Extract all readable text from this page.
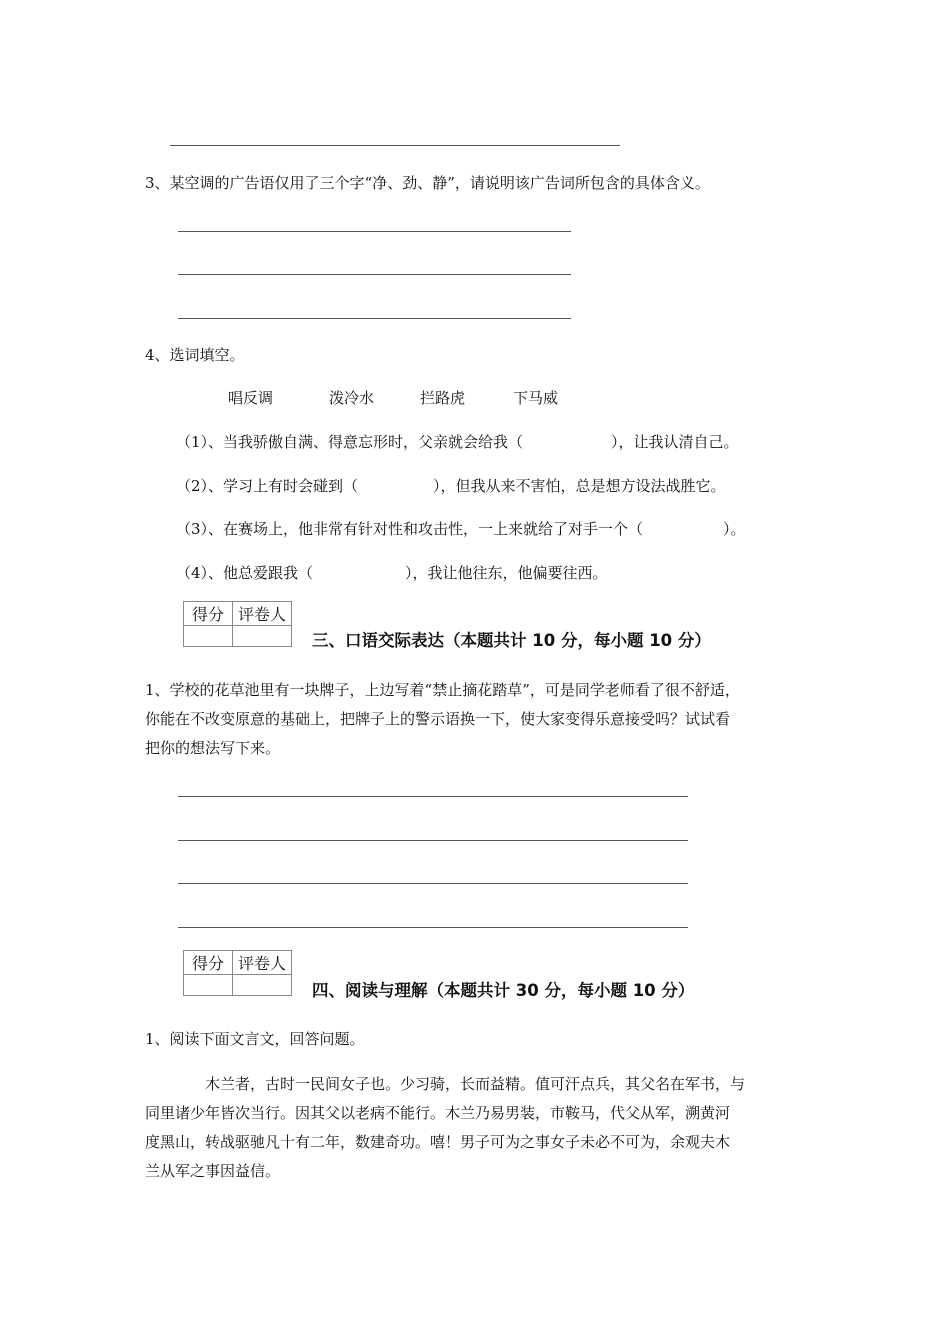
3、某空调的广告语仅用了三个字“净、劲、静”，请说明该广告词所包含的具体含义。
4、选词填空。
唱反调	泼冷水	拦路虎	下马威
（1）、当我骄傲自满、得意忘形时，父亲就会给我（	），让我认清自己。
（2）、学习上有时会碰到（	），但我从来不害怕，总是想方设法战胜它。
（3）、在赛场上，他非常有针对性和攻击性，一上来就给了对手一个（	）。
（4）、他总爱跟我（	），我让他往东，他偏要往西。
得分	评卷人

三、口语交际表达（本题共计 10 分，每小题 10 分）
1、学校的花草池里有一块牌子，上边写着“禁止摘花踏草”，可是同学老师看了很不舒适，
你能在不改变原意的基础上，把牌子上的警示语换一下，使大家变得乐意接受吗？试试看
把你的想法写下来。
得分	评卷人

四、阅读与理解（本题共计 30 分，每小题 10 分）
1、阅读下面文言文，回答问题。
木兰者，古时一民间女子也。少习骑，长而益精。值可汗点兵，其父名在军书，与
同里诸少年皆次当行。因其父以老病不能行。木兰乃易男装，市鞍马，代父从军，溯黄河
度黑山，转战驱驰凡十有二年，数建奇功。嘻！男子可为之事女子未必不可为，余观夫木
兰从军之事因益信。
